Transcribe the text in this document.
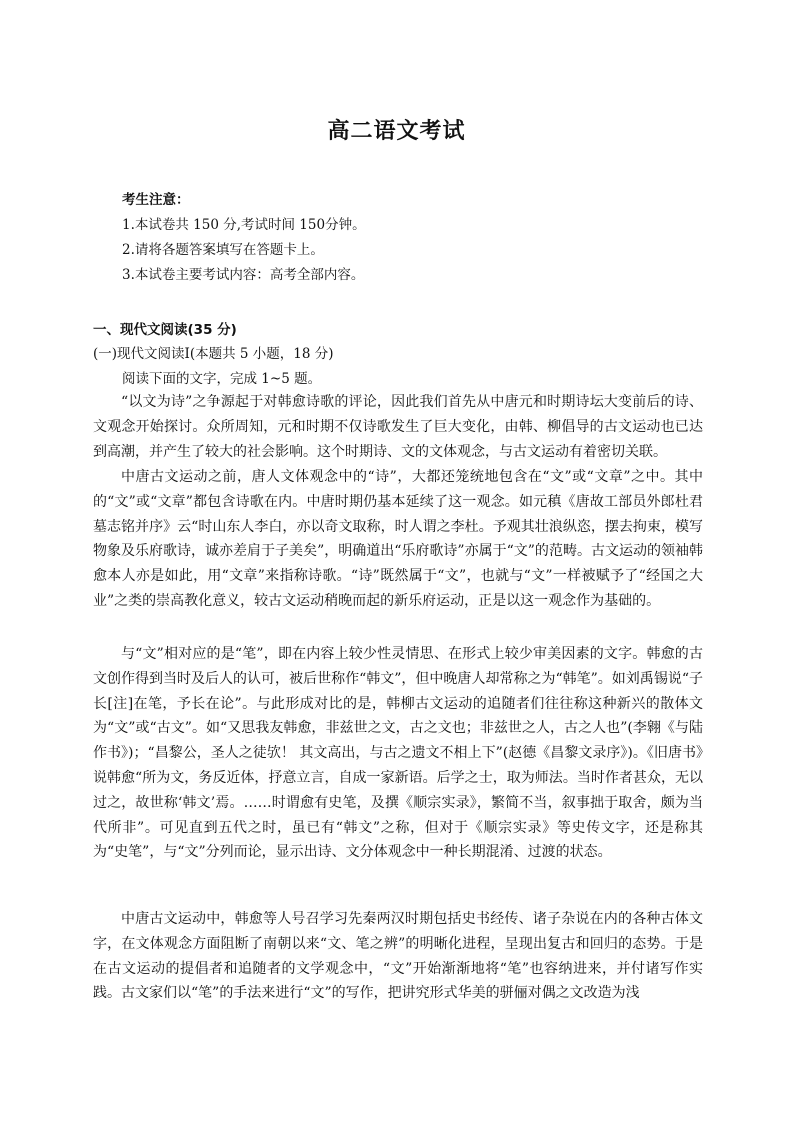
高二语文考试
考生注意：
1.本试卷共 150 分,考试时间 150分钟。
2.请将各题答案填写在答题卡上。
3.本试卷主要考试内容：高考全部内容。
一、现代文阅读(35 分)
(一)现代文阅读Ⅰ(本题共 5 小题，18 分)
阅读下面的文字，完成 1~5 题。

“以文为诗”之争源起于对韩愈诗歌的评论，因此我们首先从中唐元和时期诗坛大变前后的诗、文观念开始探讨。众所周知，元和时期不仅诗歌发生了巨大变化，由韩、柳倡导的古文运动也已达到高潮，并产生了较大的社会影响。这个时期诗、文的文体观念，与古文运动有着密切关联。

中唐古文运动之前，唐人文体观念中的“诗”，大都还笼统地包含在“文”或“文章”之中。其中的“文”或“文章”都包含诗歌在内。中唐时期仍基本延续了这一观念。如元稹《唐故工部员外郎杜君墓志铭并序》云“时山东人李白，亦以奇文取称，时人谓之李杜。予观其壮浪纵恣，摆去拘束，模写物象及乐府歌诗，诚亦差肩于子美矣”，明确道出“乐府歌诗”亦属于“文”的范畴。古文运动的领袖韩愈本人亦是如此，用“文章”来指称诗歌。“诗”既然属于“文”，也就与“文”一样被赋予了“经国之大业”之类的崇高教化意义，较古文运动稍晚而起的新乐府运动，正是以这一观念作为基础的。

与“文”相对应的是“笔”，即在内容上较少性灵情思、在形式上较少审美因素的文字。韩愈的古文创作得到当时及后人的认可，被后世称作“韩文”，但中晚唐人却常称之为“韩笔”。如刘禹锡说“子长[注]在笔，予长在论”。与此形成对比的是，韩柳古文运动的追随者们往往称这种新兴的散体文为“文”或“古文”。如“又思我友韩愈，非兹世之文，古之文也；非兹世之人，古之人也”(李翱《与陆作书》)；“昌黎公，圣人之徒欤！ 其文高出，与古之遗文不相上下”(赵德《昌黎文录序》)。《旧唐书》说韩愈“所为文，务反近体，抒意立言，自成一家新语。后学之士，取为师法。当时作者甚众，无以过之，故世称‘韩文’焉。……时谓愈有史笔，及撰《顺宗实录》，繁简不当，叙事拙于取舍，颇为当代所非”。可见直到五代之时，虽已有“韩文”之称，但对于《顺宗实录》等史传文字，还是称其为“史笔”，与“文”分列而论，显示出诗、文分体观念中一种长期混淆、过渡的状态。

中唐古文运动中，韩愈等人号召学习先秦两汉时期包括史书经传、诸子杂说在内的各种古体文字，在文体观念方面阻断了南朝以来“文、笔之辨”的明晰化进程，呈现出复古和回归的态势。于是在古文运动的提倡者和追随者的文学观念中，“文”开始渐渐地将“笔”也容纳进来，并付诸写作实践。古文家们以“笔”的手法来进行“文”的写作，把讲究形式华美的骈俪对偶之文改造为浅
